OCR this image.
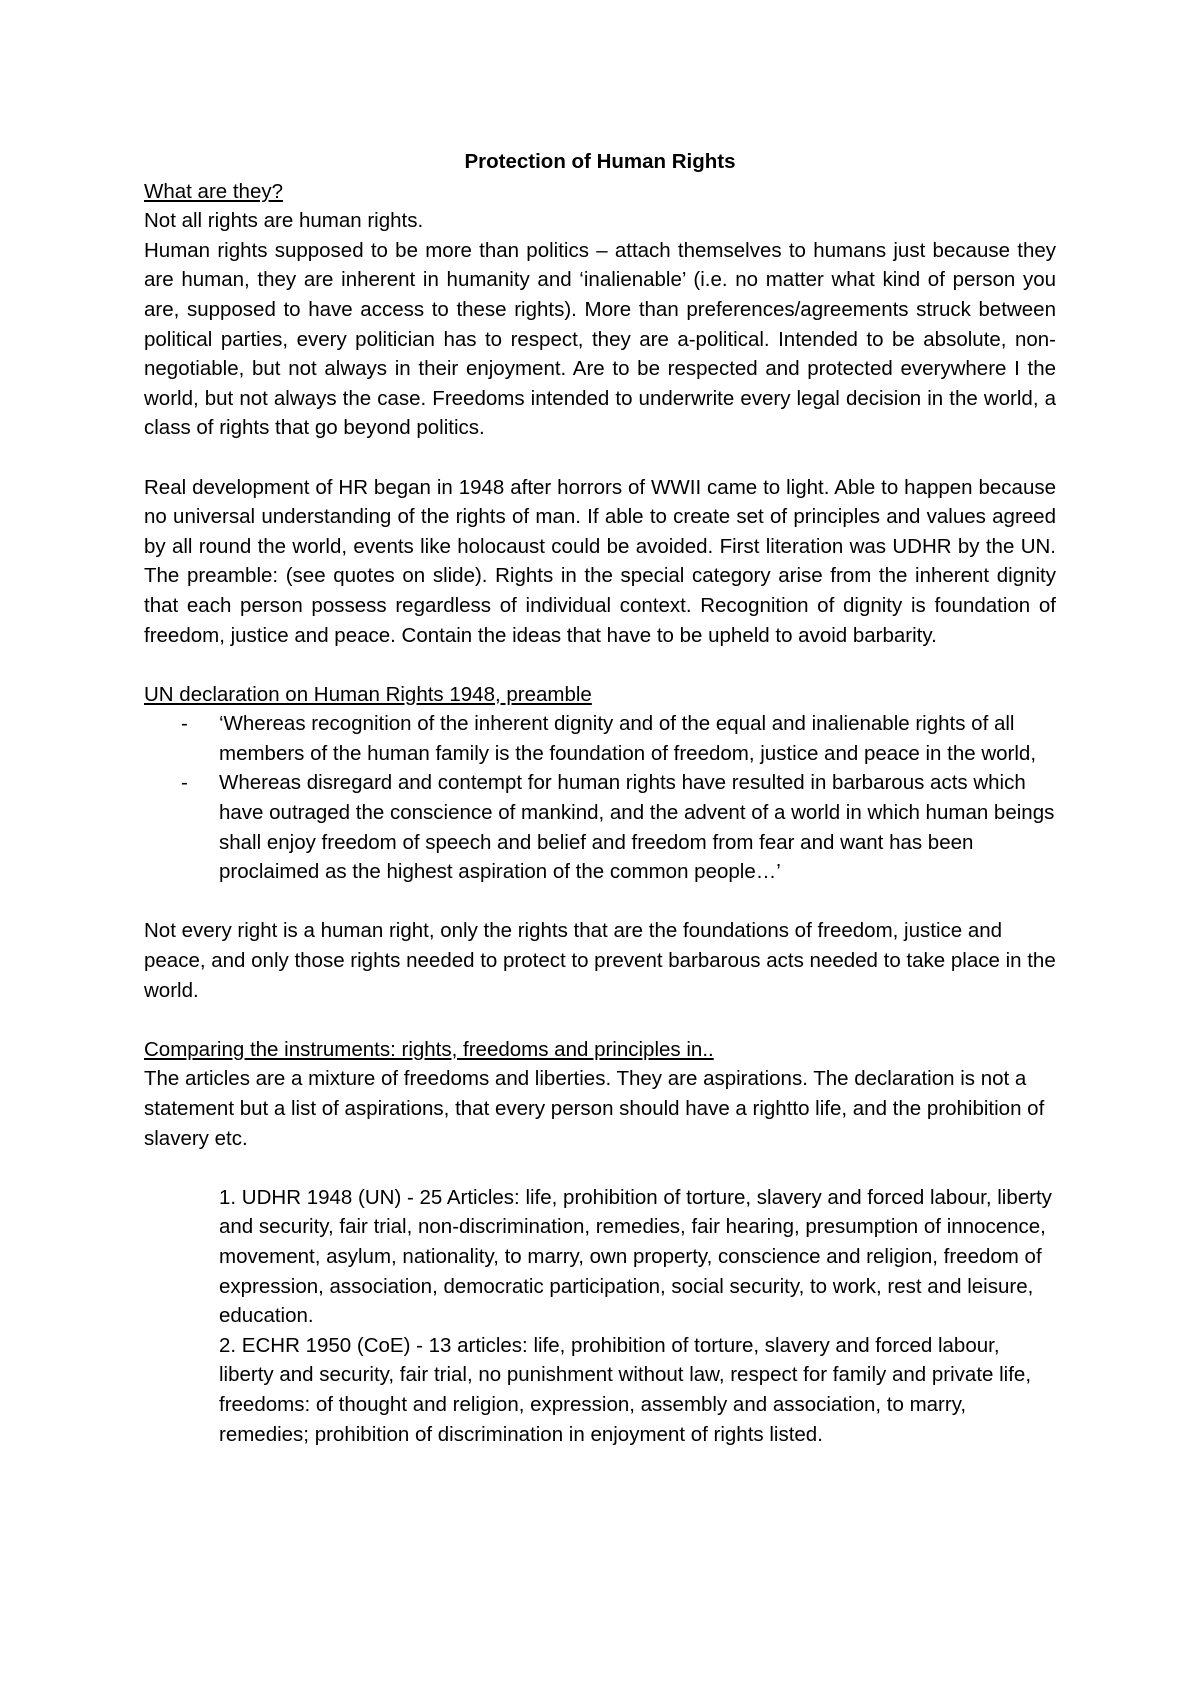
Protection of Human Rights

What are they?

Not all rights are human rights.

Human rights supposed to be more than politics – attach themselves to humans just because they are human, they are inherent in humanity and ‘inalienable’ (i.e. no matter what kind of person you are, supposed to have access to these rights). More than preferences/agreements struck between political parties, every politician has to respect, they are a-political. Intended to be absolute, non-negotiable, but not always in their enjoyment. Are to be respected and protected everywhere I the world, but not always the case. Freedoms intended to underwrite every legal decision in the world, a class of rights that go beyond politics.

Real development of HR began in 1948 after horrors of WWII came to light. Able to happen because no universal understanding of the rights of man. If able to create set of principles and values agreed by all round the world, events like holocaust could be avoided. First literation was UDHR by the UN. The preamble: (see quotes on slide). Rights in the special category arise from the inherent dignity that each person possess regardless of individual context. Recognition of dignity is foundation of freedom, justice and peace. Contain the ideas that have to be upheld to avoid barbarity.

UN declaration on Human Rights 1948, preamble

- ‘Whereas recognition of the inherent dignity and of the equal and inalienable rights of all members of the human family is the foundation of freedom, justice and peace in the world,
- Whereas disregard and contempt for human rights have resulted in barbarous acts which have outraged the conscience of mankind, and the advent of a world in which human beings shall enjoy freedom of speech and belief and freedom from fear and want has been proclaimed as the highest aspiration of the common people…’

Not every right is a human right, only the rights that are the foundations of freedom, justice and peace, and only those rights needed to protect to prevent barbarous acts needed to take place in the world.

Comparing the instruments: rights, freedoms and principles in..

The articles are a mixture of freedoms and liberties. They are aspirations. The declaration is not a statement but a list of aspirations, that every person should have a rightto life, and the prohibition of slavery etc.

1. UDHR 1948 (UN) - 25 Articles: life, prohibition of torture, slavery and forced labour, liberty and security, fair trial, non-discrimination, remedies, fair hearing, presumption of innocence, movement, asylum, nationality, to marry, own property, conscience and religion, freedom of expression, association, democratic participation, social security, to work, rest and leisure, education.

2. ECHR 1950 (CoE) - 13 articles: life, prohibition of torture, slavery and forced labour, liberty and security, fair trial, no punishment without law, respect for family and private life, freedoms: of thought and religion, expression, assembly and association, to marry, remedies; prohibition of discrimination in enjoyment of rights listed.
